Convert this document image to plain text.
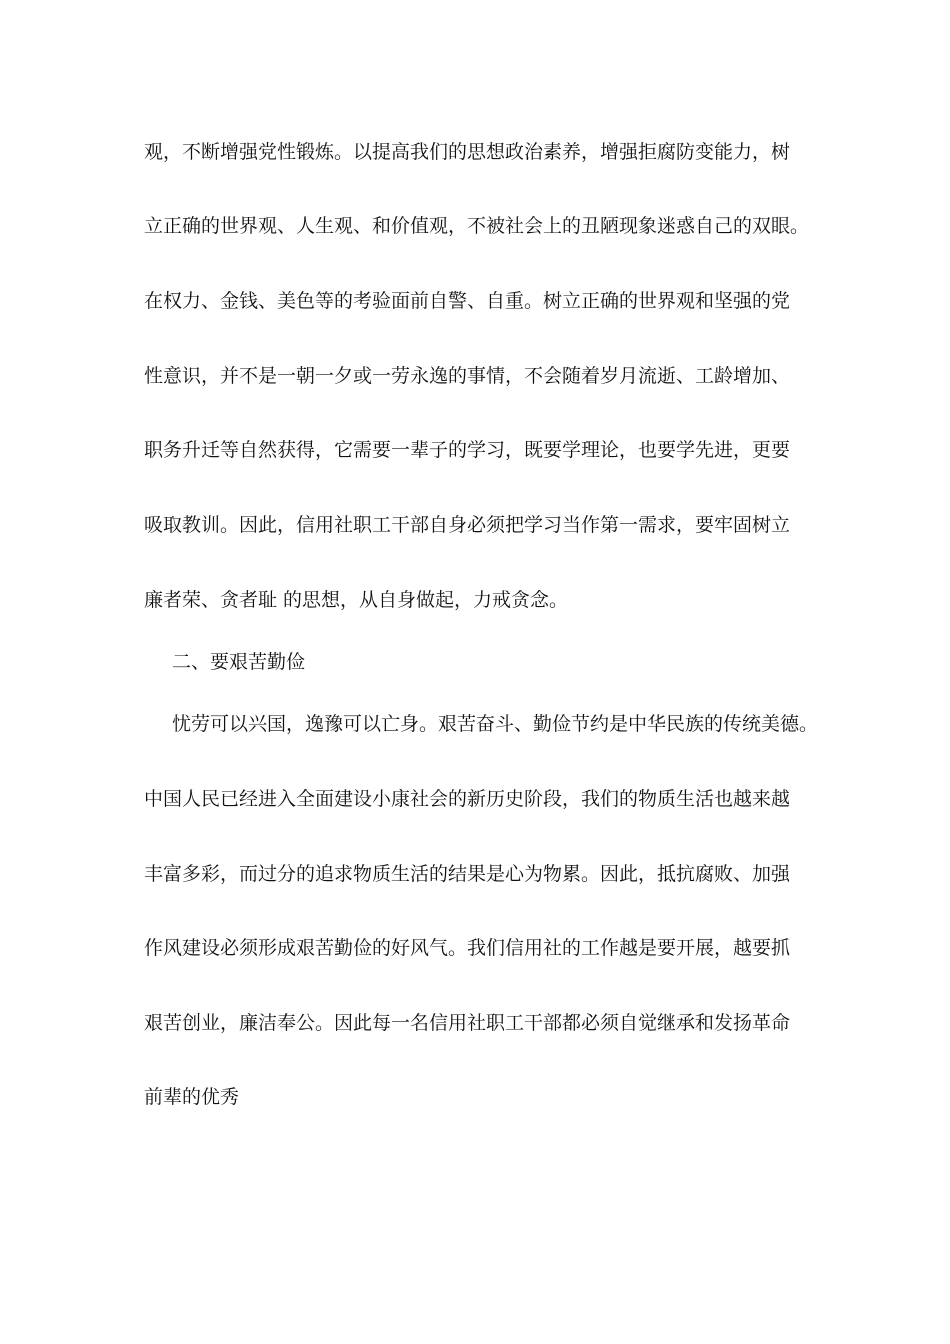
观，不断增强党性锻炼。以提高我们的思想政治素养，增强拒腐防变能力，树
立正确的世界观、人生观、和价值观，不被社会上的丑陋现象迷惑自己的双眼。
在权力、金钱、美色等的考验面前自警、自重。树立正确的世界观和坚强的党
性意识，并不是一朝一夕或一劳永逸的事情，不会随着岁月流逝、工龄增加、
职务升迁等自然获得，它需要一辈子的学习，既要学理论，也要学先进，更要
吸取教训。因此，信用社职工干部自身必须把学习当作第一需求，要牢固树立
廉者荣、贪者耻 的思想，从自身做起，力戒贪念。
二、要艰苦勤俭
忧劳可以兴国，逸豫可以亡身。艰苦奋斗、勤俭节约是中华民族的传统美德。
中国人民已经进入全面建设小康社会的新历史阶段，我们的物质生活也越来越
丰富多彩，而过分的追求物质生活的结果是心为物累。因此，抵抗腐败、加强
作风建设必须形成艰苦勤俭的好风气。我们信用社的工作越是要开展，越要抓
艰苦创业，廉洁奉公。因此每一名信用社职工干部都必须自觉继承和发扬革命
前辈的优秀
